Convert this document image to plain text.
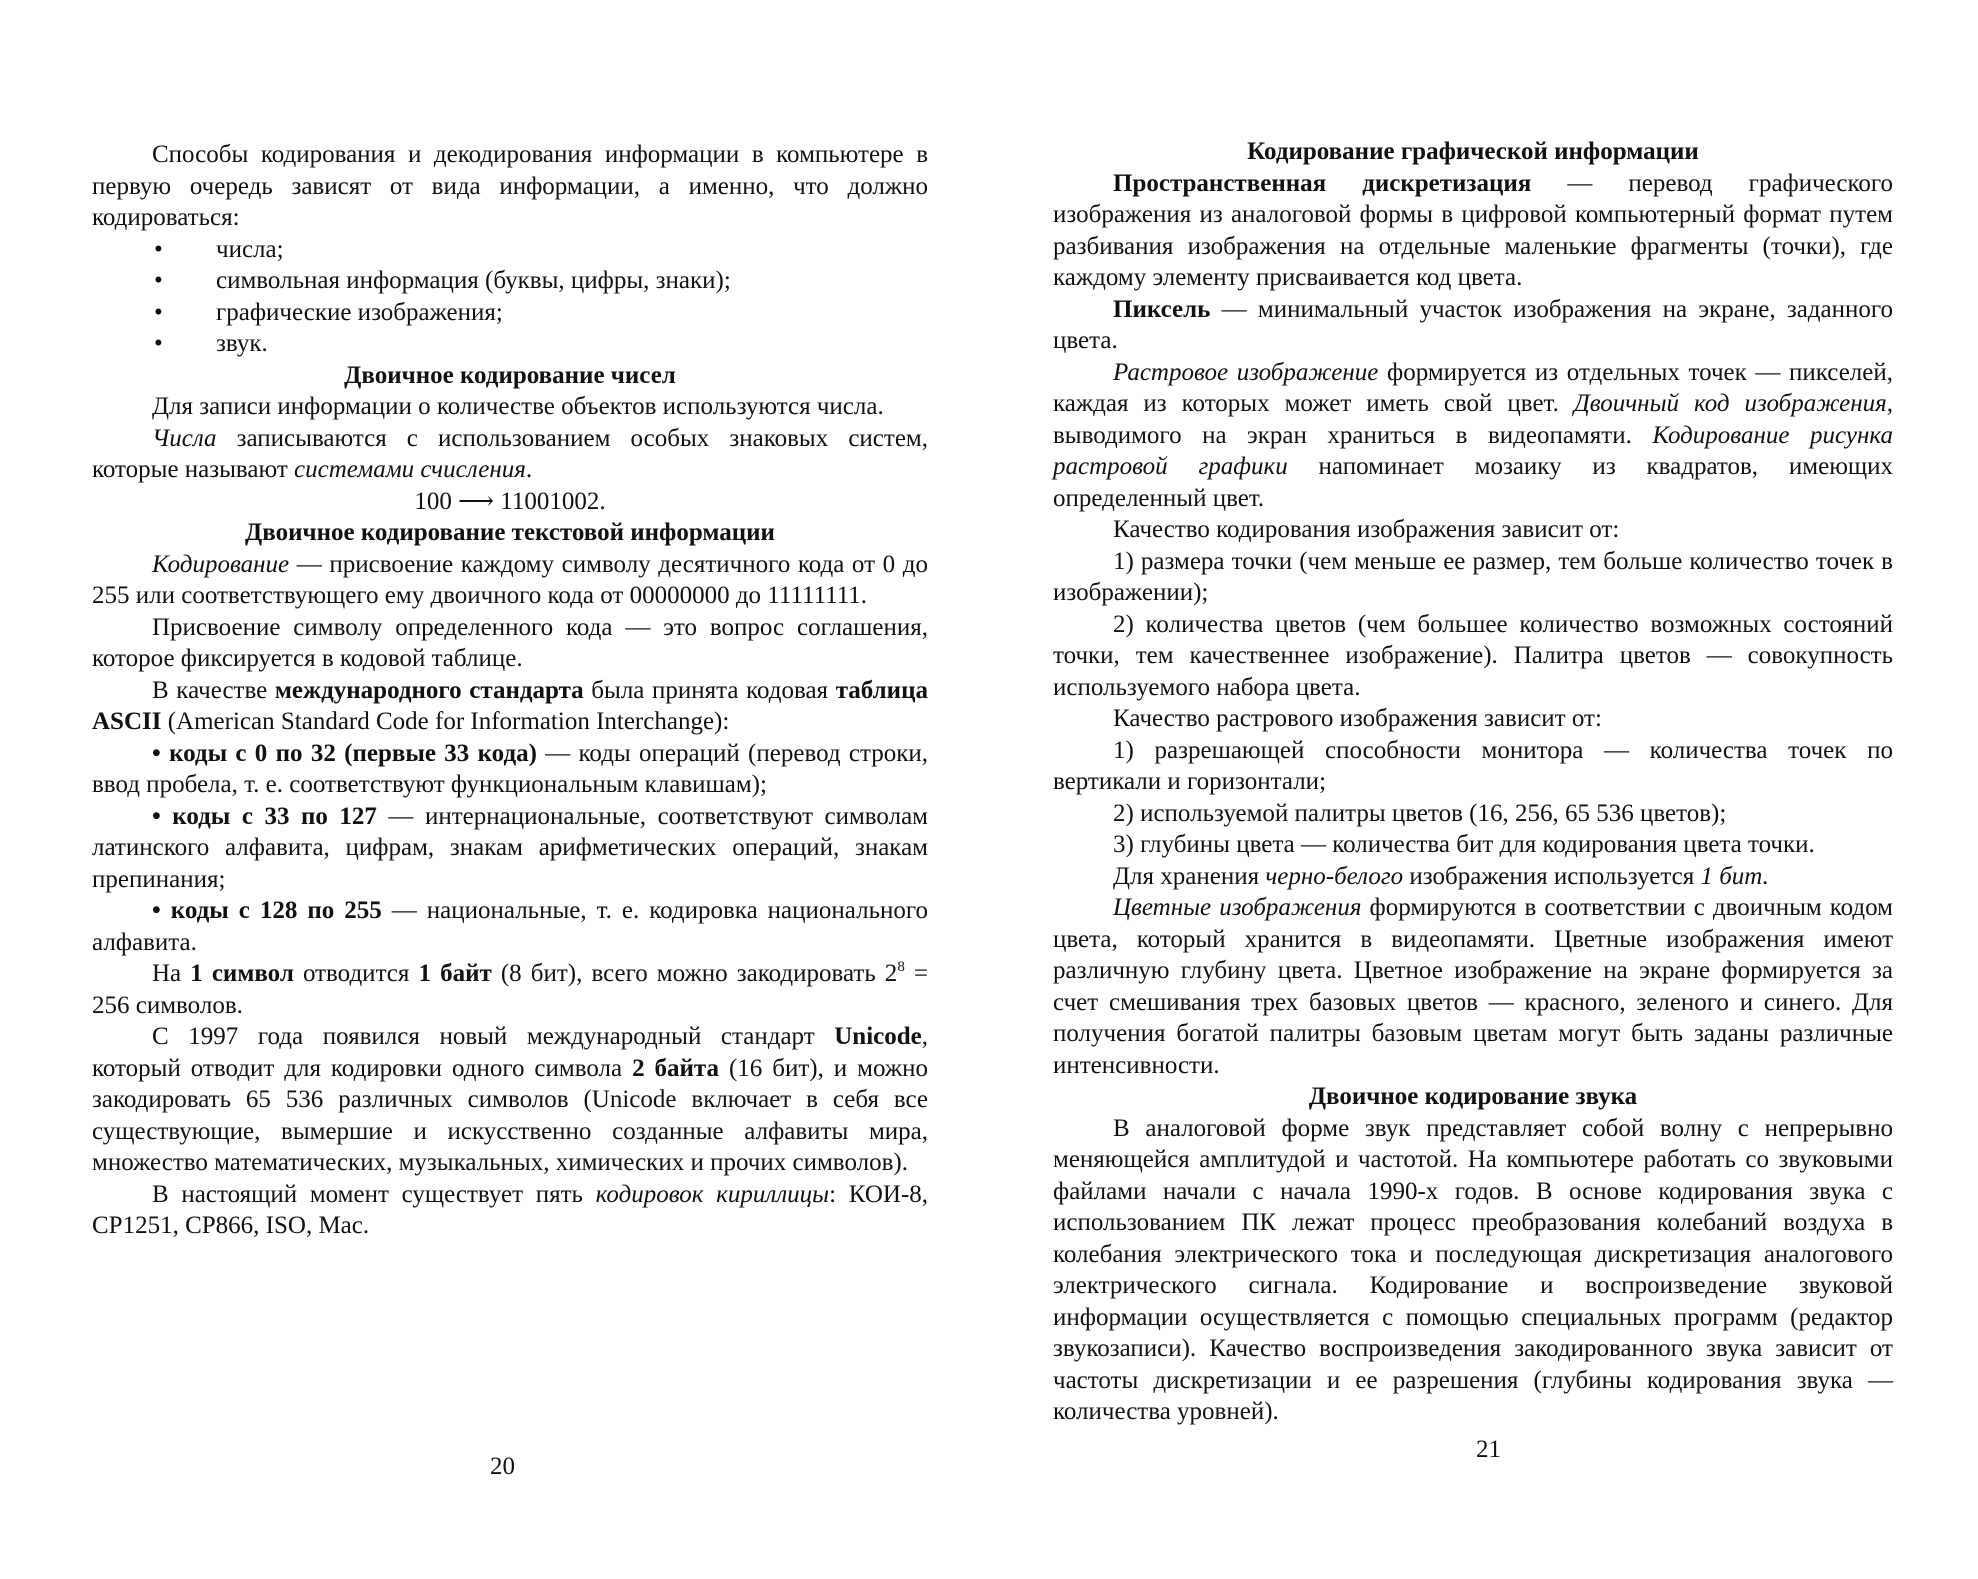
Способы кодирования и декодирования информации в компьютере в первую очередь зависят от вида информации, а именно, что должно кодироваться:

• числа;
• символьная информация (буквы, цифры, знаки);
• графические изображения;
• звук.
Двоичное кодирование чисел

Для записи информации о количестве объектов используются числа.

Числа записываются с использованием особых знаковых систем, которые называют системами счисления.

100 ⟶ 11001002.

Двоичное кодирование текстовой информации

Кодирование — присвоение каждому символу десятичного кода от 0 до 255 или соответствующего ему двоичного кода от 00000000 до 11111111.

Присвоение символу определенного кода — это вопрос соглашения, которое фиксируется в кодовой таблице.

В качестве международного стандарта была принята кодовая таблица ASCII (American Standard Code for Information Interchange):

• коды с 0 по 32 (первые 33 кода) — коды операций (перевод строки, ввод пробела, т. е. соответствуют функциональным клавишам);

• коды с 33 по 127 — интернациональные, соответствуют символам латинского алфавита, цифрам, знакам арифметических операций, знакам препинания;

• коды с 128 по 255 — национальные, т. е. кодировка национального алфавита.

На 1 символ отводится 1 байт (8 бит), всего можно закодировать $2^8 = 256$ символов.

С 1997 года появился новый международный стандарт Unicode, который отводит для кодировки одного символа 2 байта (16 бит), и можно закодировать 65 536 различных символов (Unicode включает в себя все существующие, вымершие и искусственно созданные алфавиты мира, множество математических, музыкальных, химических и прочих символов).

В настоящий момент существует пять кодировок кириллицы: КОИ-8, CP1251, CP866, ISO, Mac.

20
Кодирование графической информации

Пространственная дискретизация — перевод графического изображения из аналоговой формы в цифровой компьютерный формат путем разбивания изображения на отдельные маленькие фрагменты (точки), где каждому элементу присваивается код цвета.

Пиксель — минимальный участок изображения на экране, заданного цвета.

Растровое изображение формируется из отдельных точек — пикселей, каждая из которых может иметь свой цвет. Двоичный код изображения, выводимого на экран храниться в видеопамяти. Кодирование рисунка растровой графики напоминает мозаику из квадратов, имеющих определенный цвет.

Качество кодирования изображения зависит от:

1) размера точки (чем меньше ее размер, тем больше количество точек в изображении);

2) количества цветов (чем большее количество возможных состояний точки, тем качественнее изображение). Палитра цветов — совокупность используемого набора цвета.

Качество растрового изображения зависит от:

1) разрешающей способности монитора — количества точек по вертикали и горизонтали;

2) используемой палитры цветов (16, 256, 65 536 цветов);

3) глубины цвета — количества бит для кодирования цвета точки.

Для хранения черно-белого изображения используется 1 бит.

Цветные изображения формируются в соответствии с двоичным кодом цвета, который хранится в видеопамяти. Цветные изображения имеют различную глубину цвета. Цветное изображение на экране формируется за счет смешивания трех базовых цветов — красного, зеленого и синего. Для получения богатой палитры базовым цветам могут быть заданы различные интенсивности.

Двоичное кодирование звука

В аналоговой форме звук представляет собой волну с непрерывно меняющейся амплитудой и частотой. На компьютере работать со звуковыми файлами начали с начала 1990-х годов. В основе кодирования звука с использованием ПК лежат процесс преобразования колебаний воздуха в колебания электрического тока и последующая дискретизация аналогового электрического сигнала. Кодирование и воспроизведение звуковой информации осуществляется с помощью специальных программ (редактор звукозаписи). Качество воспроизведения закодированного звука зависит от частоты дискретизации и ее разрешения (глубины кодирования звука — количества уровней).

21
